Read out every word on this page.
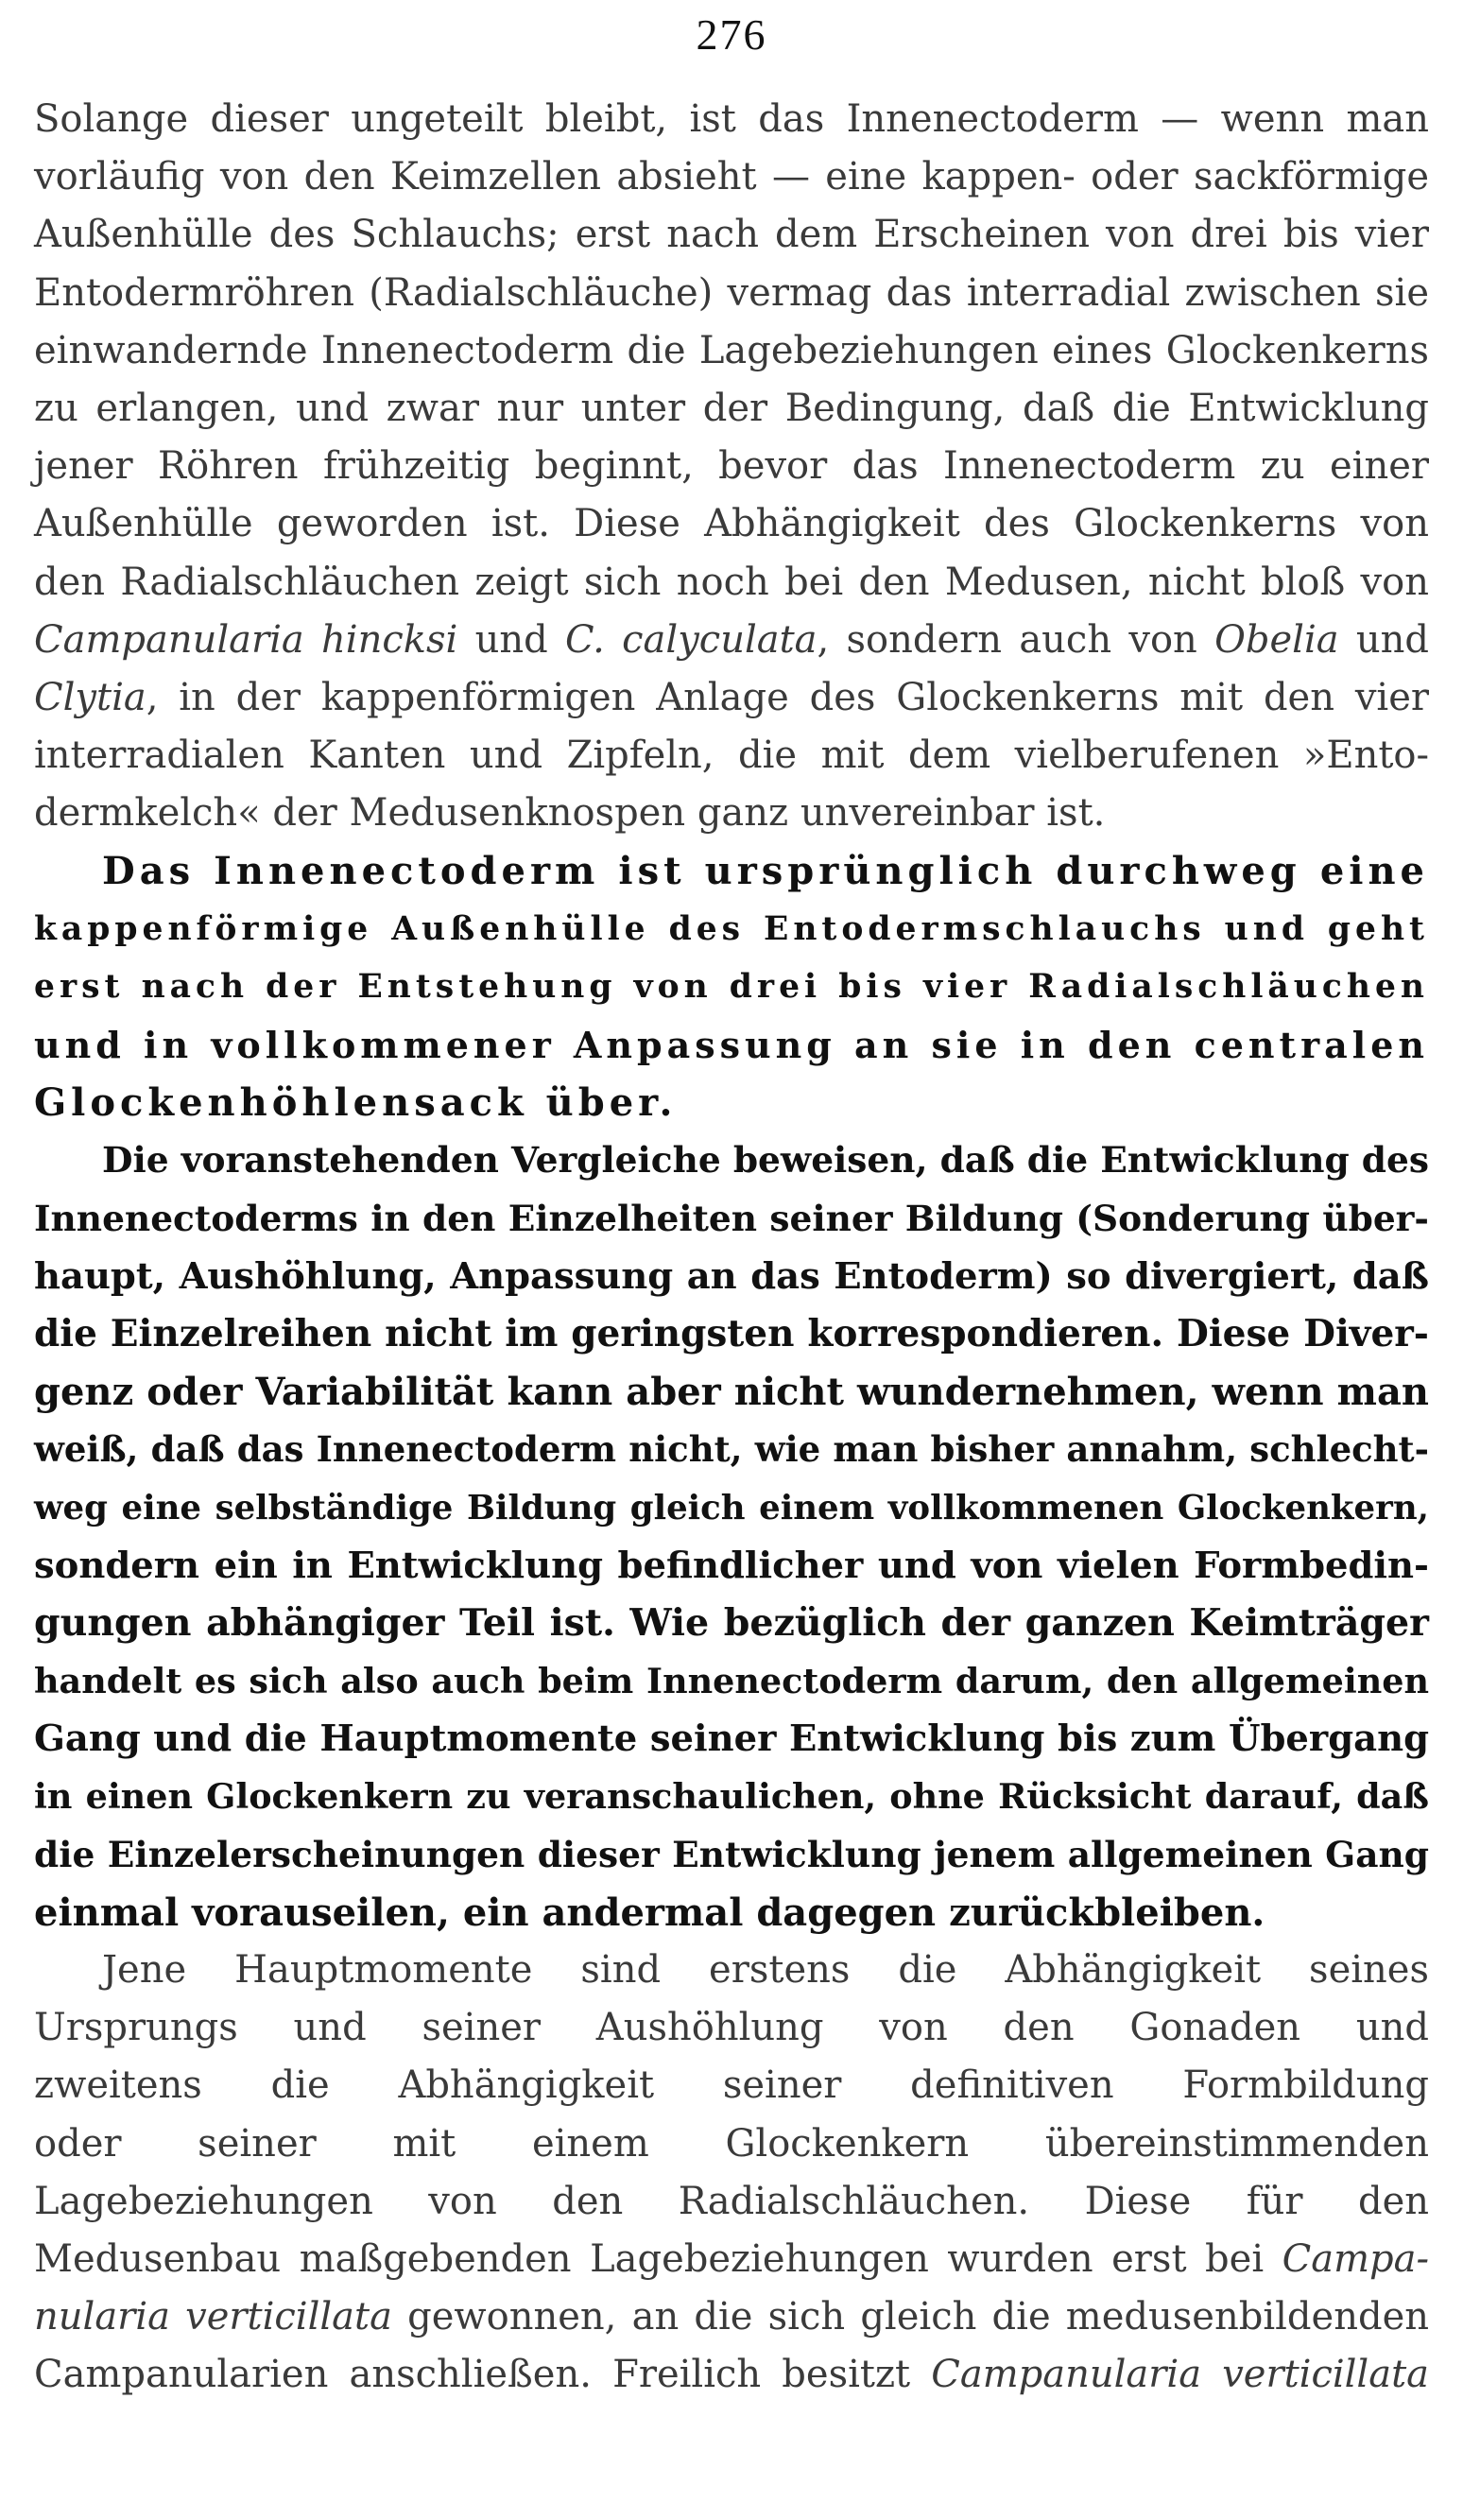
276
Solange dieser ungeteilt bleibt, ist das Innenectoderm — wenn man
vorläufig von den Keimzellen absieht — eine kappen- oder sackförmige
Außenhülle des Schlauchs; erst nach dem Erscheinen von drei bis vier
Entodermröhren (Radialschläuche) vermag das interradial zwischen sie
einwandernde Innenectoderm die Lagebeziehungen eines Glockenkerns
zu erlangen, und zwar nur unter der Bedingung, daß die Entwicklung
jener Röhren frühzeitig beginnt, bevor das Innenectoderm zu einer
Außenhülle geworden ist. Diese Abhängigkeit des Glockenkerns von
den Radialschläuchen zeigt sich noch bei den Medusen, nicht bloß von
Campanularia hincksi und C. calyculata, sondern auch von Obelia und
Clytia, in der kappenförmigen Anlage des Glockenkerns mit den vier
interradialen Kanten und Zipfeln, die mit dem vielberufenen »Ento-
dermkelch« der Medusenknospen ganz unvereinbar ist.
Das Innenectoderm ist ursprünglich durchweg eine
kappenförmige Außenhülle des Entodermschlauchs und geht
erst nach der Entstehung von drei bis vier Radialschläuchen
und in vollkommener Anpassung an sie in den centralen
Glockenhöhlensack über.
Die voranstehenden Vergleiche beweisen, daß die Entwicklung des
Innenectoderms in den Einzelheiten seiner Bildung (Sonderung über-
haupt, Aushöhlung, Anpassung an das Entoderm) so divergiert, daß
die Einzelreihen nicht im geringsten korrespondieren. Diese Diver-
genz oder Variabilität kann aber nicht wundernehmen, wenn man
weiß, daß das Innenectoderm nicht, wie man bisher annahm, schlecht-
weg eine selbständige Bildung gleich einem vollkommenen Glockenkern,
sondern ein in Entwicklung befindlicher und von vielen Formbedin-
gungen abhängiger Teil ist. Wie bezüglich der ganzen Keimträger
handelt es sich also auch beim Innenectoderm darum, den allgemeinen
Gang und die Hauptmomente seiner Entwicklung bis zum Übergang
in einen Glockenkern zu veranschaulichen, ohne Rücksicht darauf, daß
die Einzelerscheinungen dieser Entwicklung jenem allgemeinen Gang
einmal vorauseilen, ein andermal dagegen zurückbleiben.
Jene Hauptmomente sind erstens die Abhängigkeit seines
Ursprungs und seiner Aushöhlung von den Gonaden und
zweitens die Abhängigkeit seiner definitiven Formbildung
oder seiner mit einem Glockenkern übereinstimmenden
Lagebeziehungen von den Radialschläuchen. Diese für den
Medusenbau maßgebenden Lagebeziehungen wurden erst bei Campa-
nularia verticillata gewonnen, an die sich gleich die medusenbildenden
Campanularien anschließen. Freilich besitzt Campanularia verticillata
